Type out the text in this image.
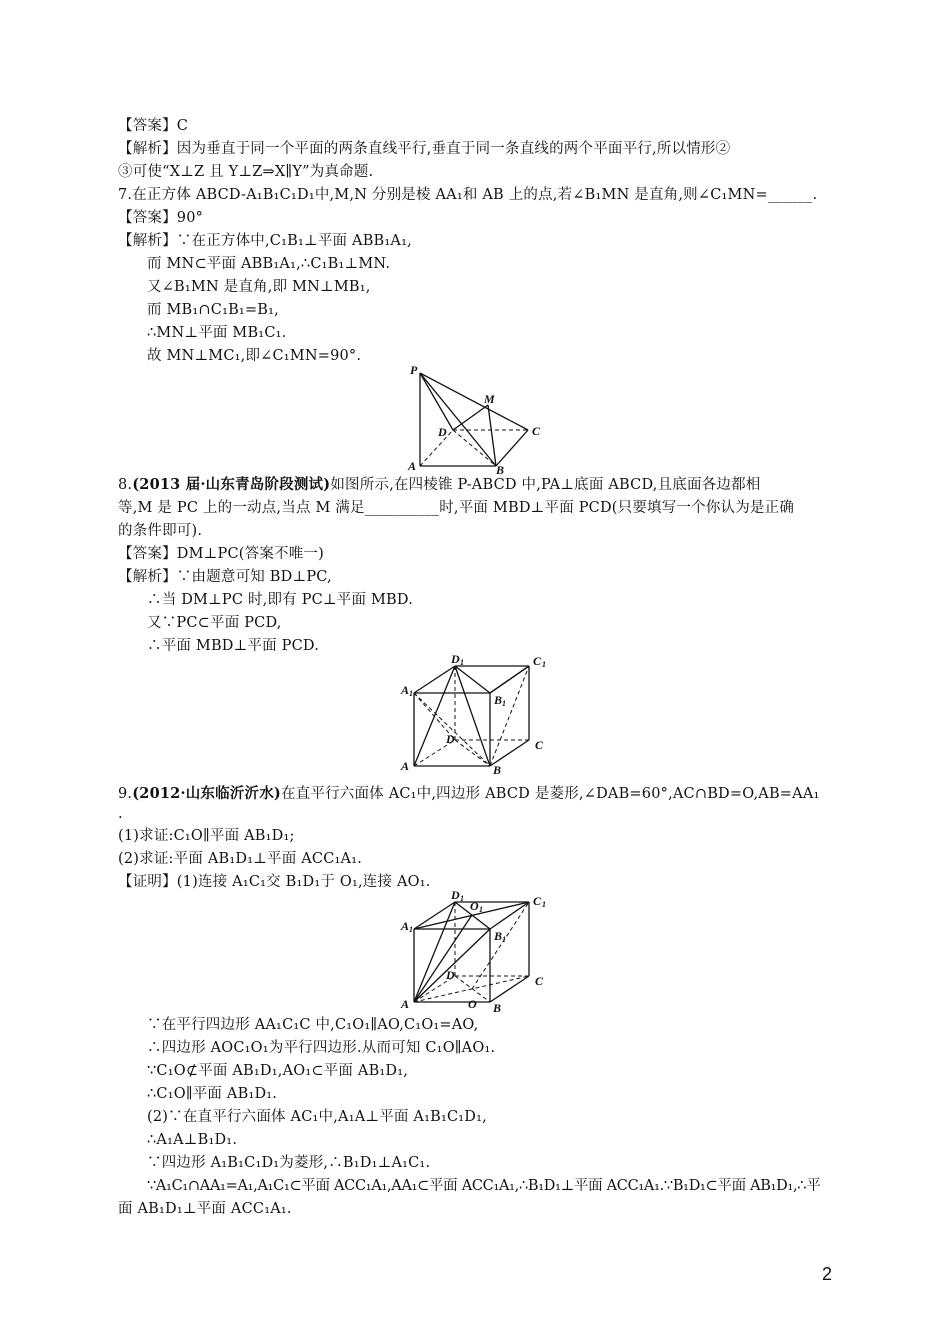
【答案】C
【解析】因为垂直于同一个平面的两条直线平行,垂直于同一条直线的两个平面平行,所以情形②
③可使“X⊥Z 且 Y⊥Z⇒X∥Y”为真命题.
7.在正方体 ABCD-A₁B₁C₁D₁中,M,N 分别是棱 AA₁和 AB 上的点,若∠B₁MN 是直角,则∠C₁MN=______.
【答案】90°
【解析】∵在正方体中,C₁B₁⊥平面 ABB₁A₁,
而 MN⊂平面 ABB₁A₁,∴C₁B₁⊥MN.
又∠B₁MN 是直角,即 MN⊥MB₁,
而 MB₁∩C₁B₁=B₁,
∴MN⊥平面 MB₁C₁.
故 MN⊥MC₁,即∠C₁MN=90°.
P
M
C
D
A	B
8.(2013 届·山东青岛阶段测试)如图所示,在四棱锥 P-ABCD 中,PA⊥底面 ABCD,且底面各边都相
等,M 是 PC 上的一动点,当点 M 满足__________时,平面 MBD⊥平面 PCD(只要填写一个你认为是正确
的条件即可).
【答案】DM⊥PC(答案不唯一)
【解析】∵由题意可知 BD⊥PC,
∴当 DM⊥PC 时,即有 PC⊥平面 MBD.
又∵PC⊂平面 PCD,
∴平面 MBD⊥平面 PCD.
D 1	C 1
A 1	B 1
D	C
A	B
9.(2012·山东临沂沂水)在直平行六面体 AC₁中,四边形 ABCD 是菱形,∠DAB=60°,AC∩BD=O,AB=AA₁
.
(1)求证:C₁O∥平面 AB₁D₁;
(2)求证:平面 AB₁D₁⊥平面 ACC₁A₁.
【证明】(1)连接 A₁C₁交 B₁D₁于 O₁,连接 AO₁.
D 1
O 1
C 1
A 1	B 1
D	C
A	O B
∵在平行四边形 AA₁C₁C 中,C₁O₁∥AO,C₁O₁=AO,
∴四边形 AOC₁O₁为平行四边形.从而可知 C₁O∥AO₁.
∵C₁O⊄平面 AB₁D₁,AO₁⊂平面 AB₁D₁,
∴C₁O∥平面 AB₁D₁.
(2)∵在直平行六面体 AC₁中,A₁A⊥平面 A₁B₁C₁D₁,
∴A₁A⊥B₁D₁.
∵四边形 A₁B₁C₁D₁为菱形,∴B₁D₁⊥A₁C₁.
∵A₁C₁∩AA₁=A₁,A₁C₁⊂平面 ACC₁A₁,AA₁⊂平面 ACC₁A₁,∴B₁D₁⊥平面 ACC₁A₁.∵B₁D₁⊂平面 AB₁D₁,∴平
面 AB₁D₁⊥平面 ACC₁A₁.
2
